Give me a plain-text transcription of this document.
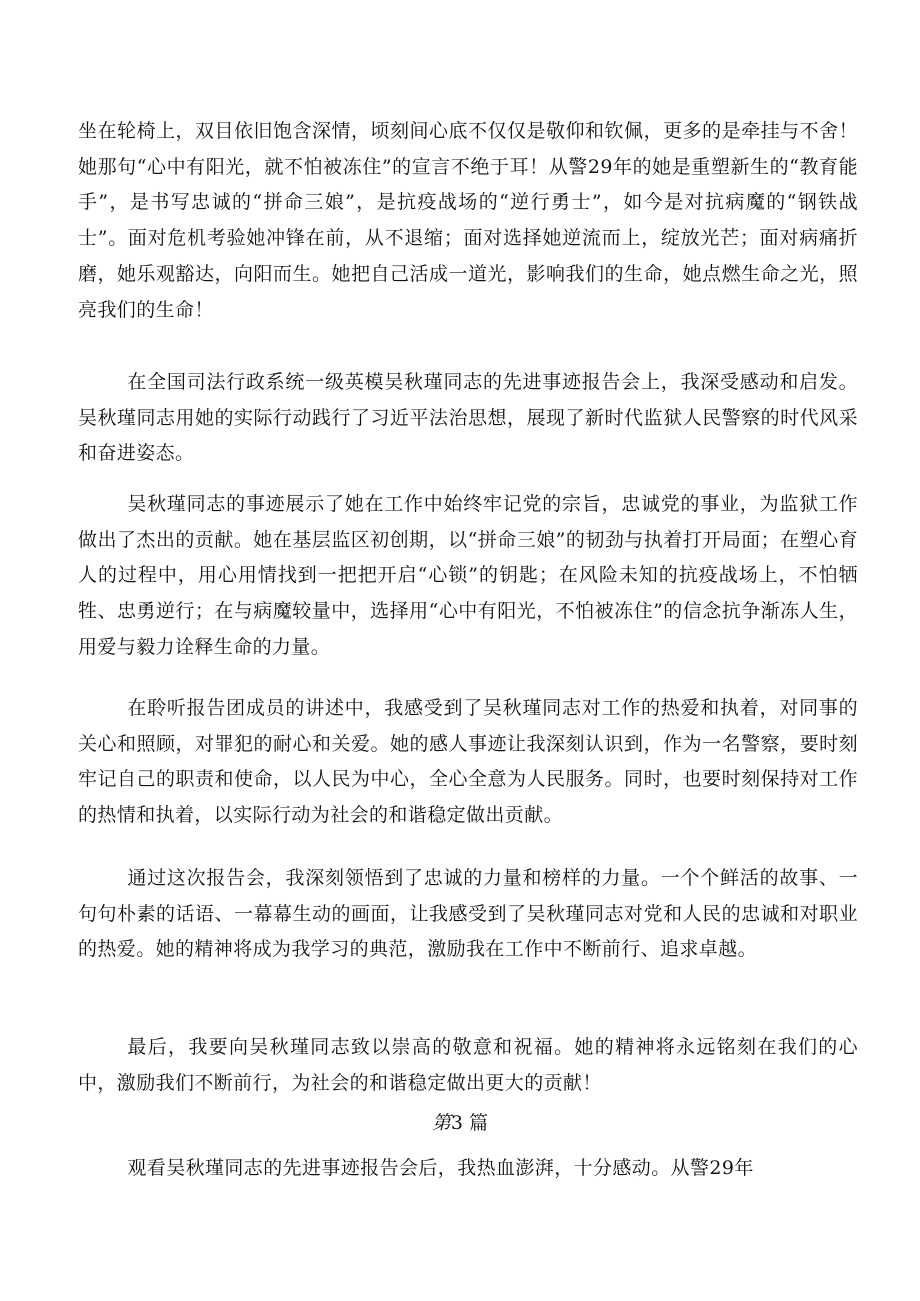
坐在轮椅上，双目依旧饱含深情，顷刻间心底不仅仅是敬仰和钦佩，更多的是牵挂与不舍！她那句“心中有阳光，就不怕被冻住”的宣言不绝于耳！从警29年的她是重塑新生的“教育能手”，是书写忠诚的“拼命三娘”，是抗疫战场的“逆行勇士”，如今是对抗病魔的“钢铁战士”。面对危机考验她冲锋在前，从不退缩；面对选择她逆流而上，绽放光芒；面对病痛折磨，她乐观豁达，向阳而生。她把自己活成一道光，影响我们的生命，她点燃生命之光，照亮我们的生命！

在全国司法行政系统一级英模吴秋瑾同志的先进事迹报告会上，我深受感动和启发。吴秋瑾同志用她的实际行动践行了习近平法治思想，展现了新时代监狱人民警察的时代风采和奋进姿态。

吴秋瑾同志的事迹展示了她在工作中始终牢记党的宗旨，忠诚党的事业，为监狱工作做出了杰出的贡献。她在基层监区初创期，以“拼命三娘”的韧劲与执着打开局面；在塑心育人的过程中，用心用情找到一把把开启“心锁”的钥匙；在风险未知的抗疫战场上，不怕牺牲、忠勇逆行；在与病魔较量中，选择用“心中有阳光，不怕被冻住”的信念抗争渐冻人生，用爱与毅力诠释生命的力量。

在聆听报告团成员的讲述中，我感受到了吴秋瑾同志对工作的热爱和执着，对同事的关心和照顾，对罪犯的耐心和关爱。她的感人事迹让我深刻认识到，作为一名警察，要时刻牢记自己的职责和使命，以人民为中心，全心全意为人民服务。同时，也要时刻保持对工作的热情和执着，以实际行动为社会的和谐稳定做出贡献。

通过这次报告会，我深刻领悟到了忠诚的力量和榜样的力量。一个个鲜活的故事、一句句朴素的话语、一幕幕生动的画面，让我感受到了吴秋瑾同志对党和人民的忠诚和对职业的热爱。她的精神将成为我学习的典范，激励我在工作中不断前行、追求卓越。

最后，我要向吴秋瑾同志致以崇高的敬意和祝福。她的精神将永远铭刻在我们的心中，激励我们不断前行，为社会的和谐稳定做出更大的贡献！

第3 篇

观看吴秋瑾同志的先进事迹报告会后，我热血澎湃，十分感动。从警29年
